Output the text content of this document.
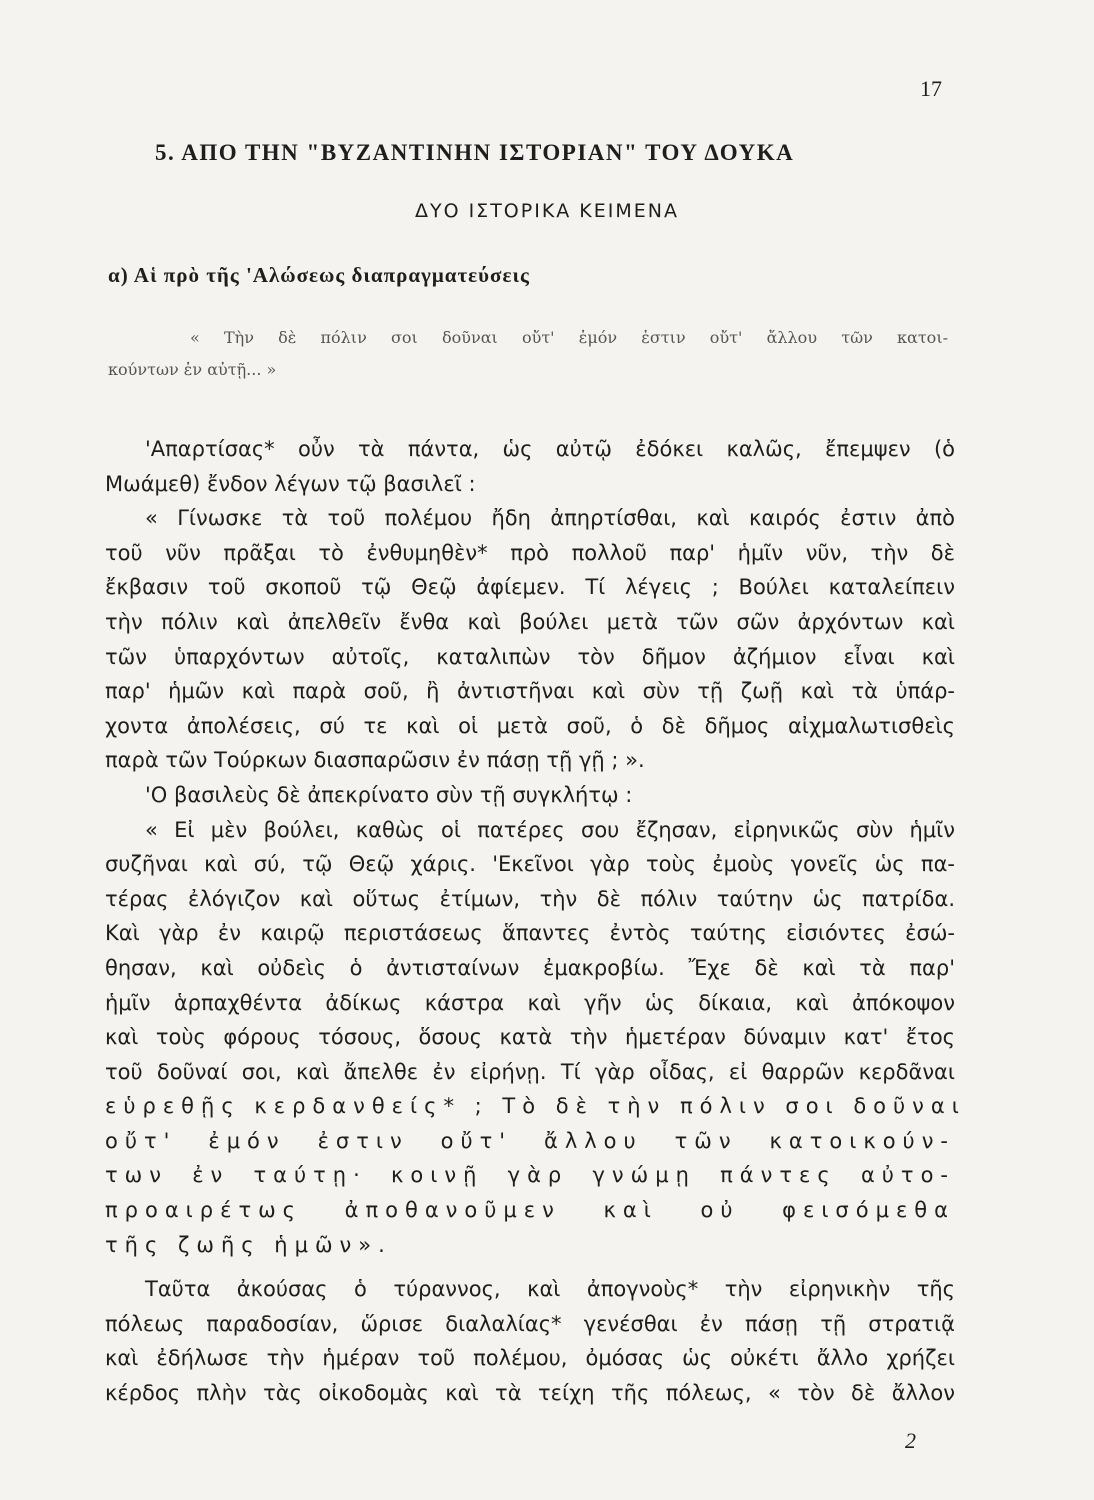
17
5. ΑΠΟ ΤΗΝ "ΒΥΖΑΝΤΙΝΗΝ ΙΣΤΟΡΙΑΝ" ΤΟΥ ΔΟΥΚΑ
ΔΥΟ ΙΣΤΟΡΙΚΑ ΚΕΙΜΕΝΑ
α) Αἱ πρὸ τῆς 'Αλώσεως διαπραγματεύσεις
« Τὴν δὲ πόλιν σοι δοῦναι οὔτ' ἐμόν ἐστιν οὔτ' ἄλλου τῶν κατοι-
κούντων ἐν αὐτῇ... »
'Απαρτίσας* οὖν τὰ πάντα, ὡς αὐτῷ ἐδόκει καλῶς, ἔπεμψεν (ὁ
Μωάμεθ) ἔνδον λέγων τῷ βασιλεῖ :
« Γίνωσκε τὰ τοῦ πολέμου ἤδη ἀπηρτίσθαι, καὶ καιρός ἐστιν ἀπὸ
τοῦ νῦν πρᾶξαι τὸ ἐνθυμηθὲν* πρὸ πολλοῦ παρ' ἡμῖν νῦν, τὴν δὲ
ἔκβασιν τοῦ σκοποῦ τῷ Θεῷ ἀφίεμεν. Τί λέγεις ; Βούλει καταλείπειν
τὴν πόλιν καὶ ἀπελθεῖν ἔνθα καὶ βούλει μετὰ τῶν σῶν ἀρχόντων καὶ
τῶν ὑπαρχόντων αὐτοῖς, καταλιπὼν τὸν δῆμον ἀζήμιον εἶναι καὶ
παρ' ἡμῶν καὶ παρὰ σοῦ, ἢ ἀντιστῆναι καὶ σὺν τῇ ζωῇ καὶ τὰ ὑπάρ-
χοντα ἀπολέσεις, σύ τε καὶ οἱ μετὰ σοῦ, ὁ δὲ δῆμος αἰχμαλωτισθεὶς
παρὰ τῶν Τούρκων διασπαρῶσιν ἐν πάσῃ τῇ γῇ ; ».
'Ο βασιλεὺς δὲ ἀπεκρίνατο σὺν τῇ συγκλήτῳ :
« Εἰ μὲν βούλει, καθὼς οἱ πατέρες σου ἔζησαν, εἰρηνικῶς σὺν ἡμῖν
συζῆναι καὶ σύ, τῷ Θεῷ χάρις. 'Εκεῖνοι γὰρ τοὺς ἐμοὺς γονεῖς ὡς πα-
τέρας ἐλόγιζον καὶ οὕτως ἐτίμων, τὴν δὲ πόλιν ταύτην ὡς πατρίδα.
Καὶ γὰρ ἐν καιρῷ περιστάσεως ἅπαντες ἐντὸς ταύτης εἰσιόντες ἐσώ-
θησαν, καὶ οὐδεὶς ὁ ἀντισταίνων ἐμακροβίω. Ἔχε δὲ καὶ τὰ παρ'
ἡμῖν ἁρπαχθέντα ἀδίκως κάστρα καὶ γῆν ὡς δίκαια, καὶ ἀπόκοψον
καὶ τοὺς φόρους τόσους, ὅσους κατὰ τὴν ἡμετέραν δύναμιν κατ' ἔτος
τοῦ δοῦναί σοι, καὶ ἄπελθε ἐν εἰρήνῃ. Τί γὰρ οἶδας, εἰ θαρρῶν κερδᾶναι
εὑρεθῇς κερδανθείς* ; Τὸ δὲ τὴν πόλιν σοι δοῦναι
οὔτ' ἐμόν ἐστιν οὔτ' ἄλλου τῶν κατοικούν-
των ἐν ταύτῃ· κοινῇ γὰρ γνώμῃ πάντες αὐτο-
προαιρέτως ἀποθανοῦμεν καὶ οὐ φεισόμεθα
τῆς ζωῆς ἡμῶν».
Ταῦτα ἀκούσας ὁ τύραννος, καὶ ἀπογνοὺς* τὴν εἰρηνικὴν τῆς
πόλεως παραδοσίαν, ὥρισε διαλαλίας* γενέσθαι ἐν πάσῃ τῇ στρατιᾷ
καὶ ἐδήλωσε τὴν ἡμέραν τοῦ πολέμου, ὀμόσας ὡς οὐκέτι ἄλλο χρήζει
κέρδος πλὴν τὰς οἰκοδομὰς καὶ τὰ τείχη τῆς πόλεως, « τὸν δὲ ἄλλον
2
